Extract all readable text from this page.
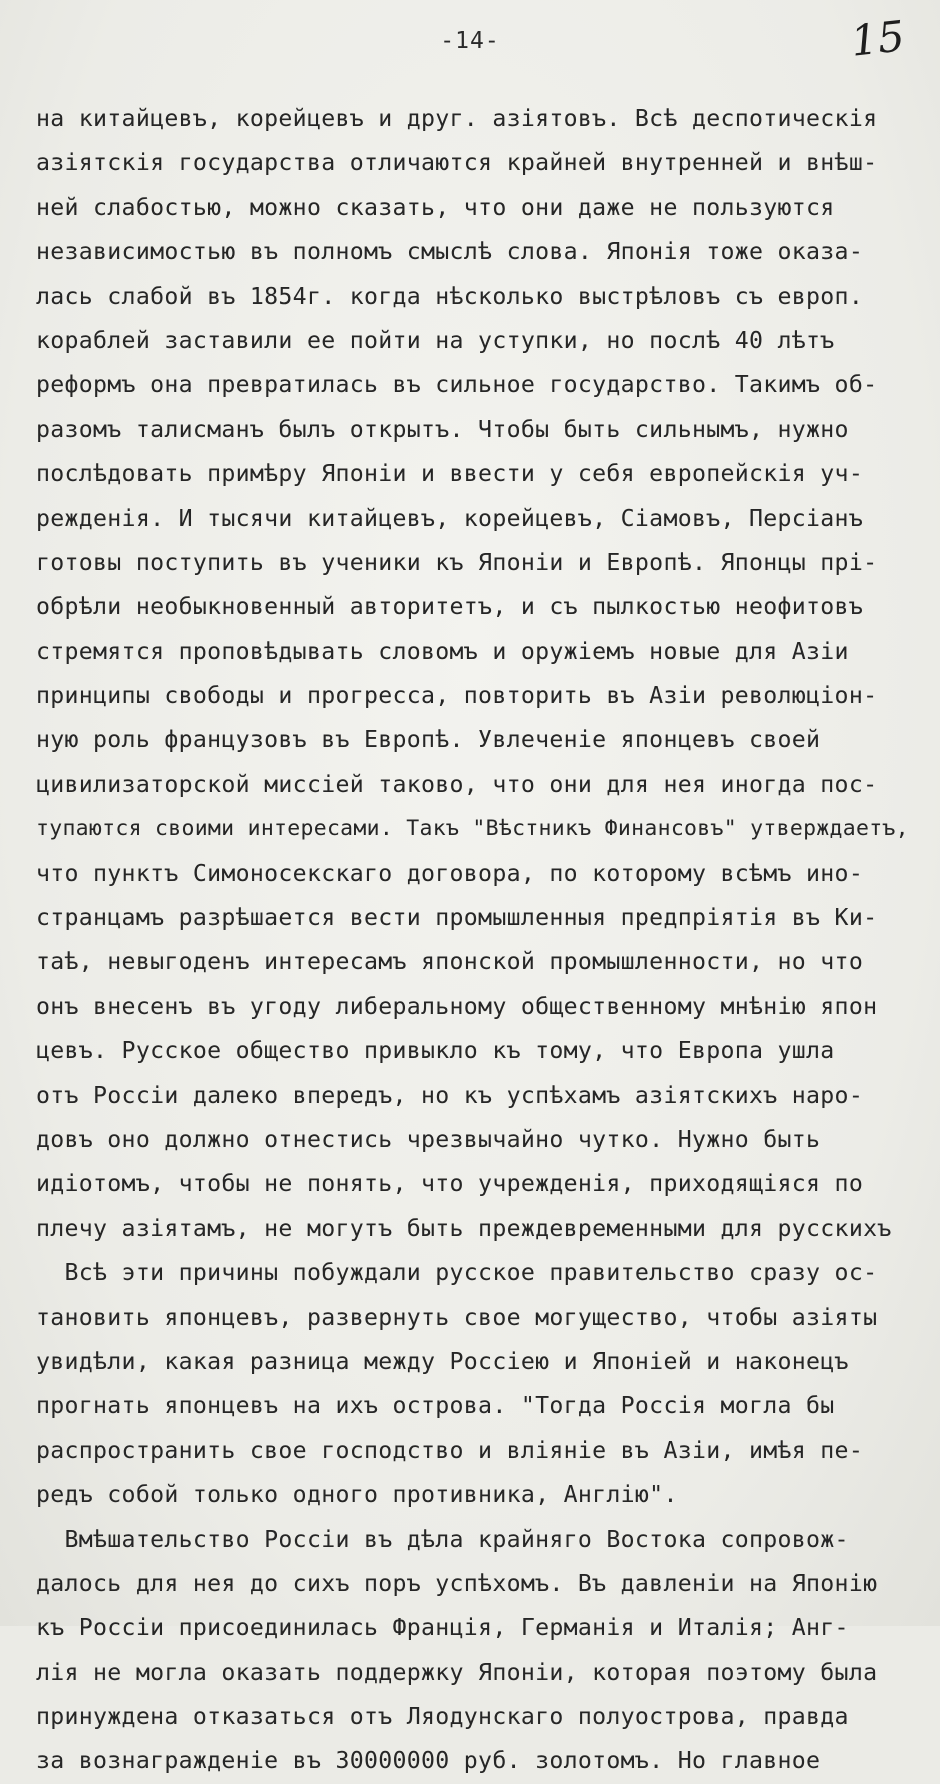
-14-	15
на китайцевъ, корейцевъ и друг. азіятовъ. Всѣ деспотическія
азіятскія государства отличаются крайней внутренней и внѣш-
ней слабостью, можно сказать, что они даже не пользуются
независимостью въ полномъ смыслѣ слова. Японія тоже оказа-
лась слабой въ 1854г. когда нѣсколько выстрѣловъ съ европ.
кораблей заставили ее пойти на уступки, но послѣ 40 лѣтъ
реформъ она превратилась въ сильное государство. Такимъ об-
разомъ талисманъ былъ открытъ. Чтобы быть сильнымъ, нужно
послѣдовать примѣру Японіи и ввести у себя европейскія уч-
режденія. И тысячи китайцевъ, корейцевъ, Сіамовъ, Персіанъ
готовы поступить въ ученики къ Японіи и Европѣ. Японцы прі-
обрѣли необыкновенный авторитетъ, и съ пылкостью неофитовъ
стремятся проповѣдывать словомъ и оружіемъ новые для Азіи
принципы свободы и прогресса, повторить въ Азіи революціон-
ную роль французовъ въ Европѣ. Увлеченіе японцевъ своей
цивилизаторской миссіей таково, что они для нея иногда пос-
тупаются своими интересами. Такъ "Вѣстникъ Финансовъ" утверждаетъ,
что пунктъ Симоносекскаго договора, по которому всѣмъ ино-
странцамъ разрѣшается вести промышленныя предпріятія въ Ки-
таѣ, невыгоденъ интересамъ японской промышленности, но что
онъ внесенъ въ угоду либеральному общественному мнѣнію япон
цевъ. Русское общество привыкло къ тому, что Европа ушла
отъ Россіи далеко впередъ, но къ успѣхамъ азіятскихъ наро-
довъ оно должно отнестись чрезвычайно чутко. Нужно быть
идіотомъ, чтобы не понять, что учрежденія, приходящіяся по
плечу азіятамъ, не могутъ быть преждевременными для русскихъ
Всѣ эти причины побуждали русское правительство сразу ос-
тановить японцевъ, развернуть свое могущество, чтобы азіяты
увидѣли, какая разница между Россіею и Японіей и наконецъ
прогнать японцевъ на ихъ острова. "Тогда Россія могла бы
распространить свое господство и вліяніе въ Азіи, имѣя пе-
редъ собой только одного противника, Англію".
Вмѣшательство Россіи въ дѣла крайняго Востока сопровож-
далось для нея до сихъ поръ успѣхомъ. Въ давленіи на Японію
къ Россіи присоединилась Франція, Германія и Италія; Анг-
лія не могла оказать поддержку Японіи, которая поэтому была
принуждена отказаться отъ Ляодунскаго полуострова, правда
за вознагражденіе въ 30000000 руб. золотомъ. Но главное
